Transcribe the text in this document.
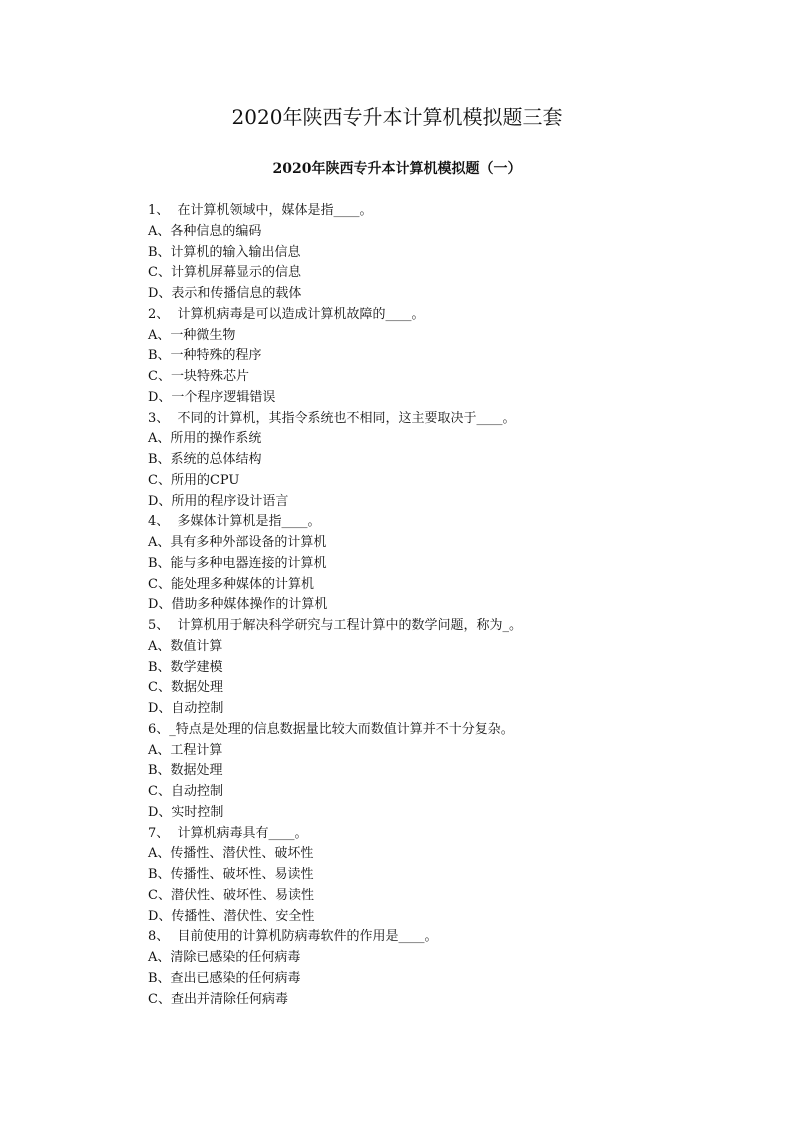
2020年陕西专升本计算机模拟题三套
2020年陕西专升本计算机模拟题（一）
1、  在计算机领域中，媒体是指____。
A、各种信息的编码
B、计算机的输入输出信息
C、计算机屏幕显示的信息
D、表示和传播信息的载体
2、  计算机病毒是可以造成计算机故障的____。
A、一种微生物
B、一种特殊的程序
C、一块特殊芯片
D、一个程序逻辑错误
3、  不同的计算机，其指令系统也不相同，这主要取决于____。
A、所用的操作系统
B、系统的总体结构
C、所用的CPU
D、所用的程序设计语言
4、  多媒体计算机是指____。
A、具有多种外部设备的计算机
B、能与多种电器连接的计算机
C、能处理多种媒体的计算机
D、借助多种媒体操作的计算机
5、  计算机用于解决科学研究与工程计算中的数学问题，称为_。
A、数值计算
B、数学建模
C、数据处理
D、自动控制
6、_特点是处理的信息数据量比较大而数值计算并不十分复杂。
A、工程计算
B、数据处理
C、自动控制
D、实时控制
7、  计算机病毒具有____。
A、传播性、潜伏性、破坏性
B、传播性、破坏性、易读性
C、潜伏性、破坏性、易读性
D、传播性、潜伏性、安全性
8、  目前使用的计算机防病毒软件的作用是____。
A、清除已感染的任何病毒
B、查出已感染的任何病毒
C、查出并清除任何病毒
